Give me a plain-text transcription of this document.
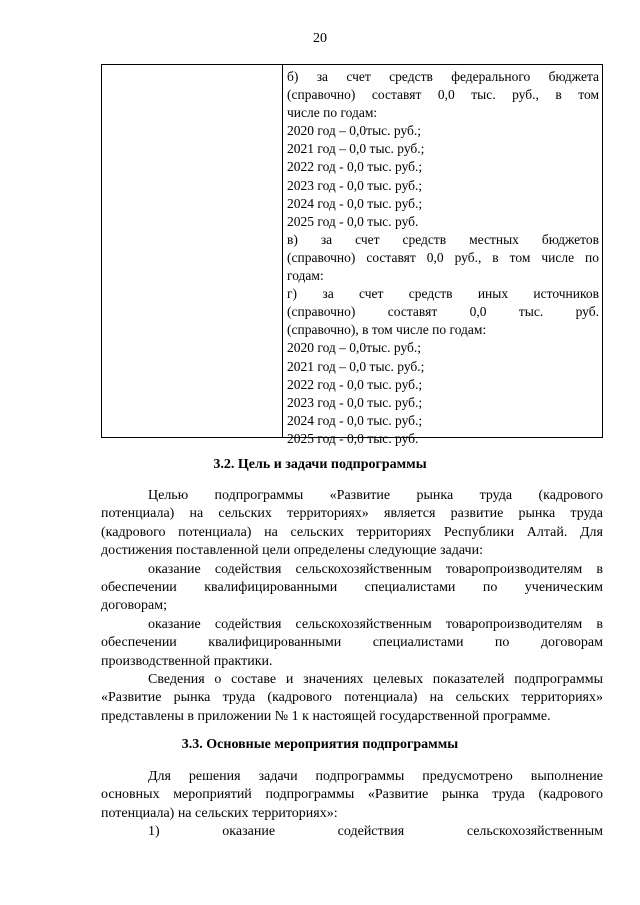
20
б) за счет средств федерального бюджета
(справочно) составят 0,0 тыс. руб., в том
числе по годам:
2020 год – 0,0тыс. руб.;
2021 год – 0,0 тыс. руб.;
2022 год - 0,0 тыс. руб.;
2023 год - 0,0 тыс. руб.;
2024 год - 0,0 тыс. руб.;
2025 год - 0,0 тыс. руб.
в) за счет средств местных бюджетов
(справочно) составят 0,0 руб., в том числе по
годам:
г) за счет средств иных источников
(справочно) составят 0,0 тыс. руб.
(справочно), в том числе по годам:
2020 год – 0,0тыс. руб.;
2021 год – 0,0 тыс. руб.;
2022 год - 0,0 тыс. руб.;
2023 год - 0,0 тыс. руб.;
2024 год - 0,0 тыс. руб.;
2025 год - 0,0 тыс. руб.
3.2. Цель и задачи подпрограммы
Целью подпрограммы «Развитие рынка труда (кадрового
потенциала) на сельских территориях» является развитие рынка труда
(кадрового потенциала) на сельских территориях Республики Алтай. Для
достижения поставленной цели определены следующие задачи:
оказание содействия сельскохозяйственным товаропроизводителям в
обеспечении квалифицированными специалистами по ученическим
договорам;
оказание содействия сельскохозяйственным товаропроизводителям в
обеспечении квалифицированными специалистами по договорам
производственной практики.
Сведения о составе и значениях целевых показателей подпрограммы
«Развитие рынка труда (кадрового потенциала) на сельских территориях»
представлены в приложении № 1 к настоящей государственной программе.
3.3. Основные мероприятия подпрограммы
Для решения задачи подпрограммы предусмотрено выполнение
основных мероприятий подпрограммы «Развитие рынка труда (кадрового
потенциала) на сельских территориях»:
1) оказание содействия сельскохозяйственным
